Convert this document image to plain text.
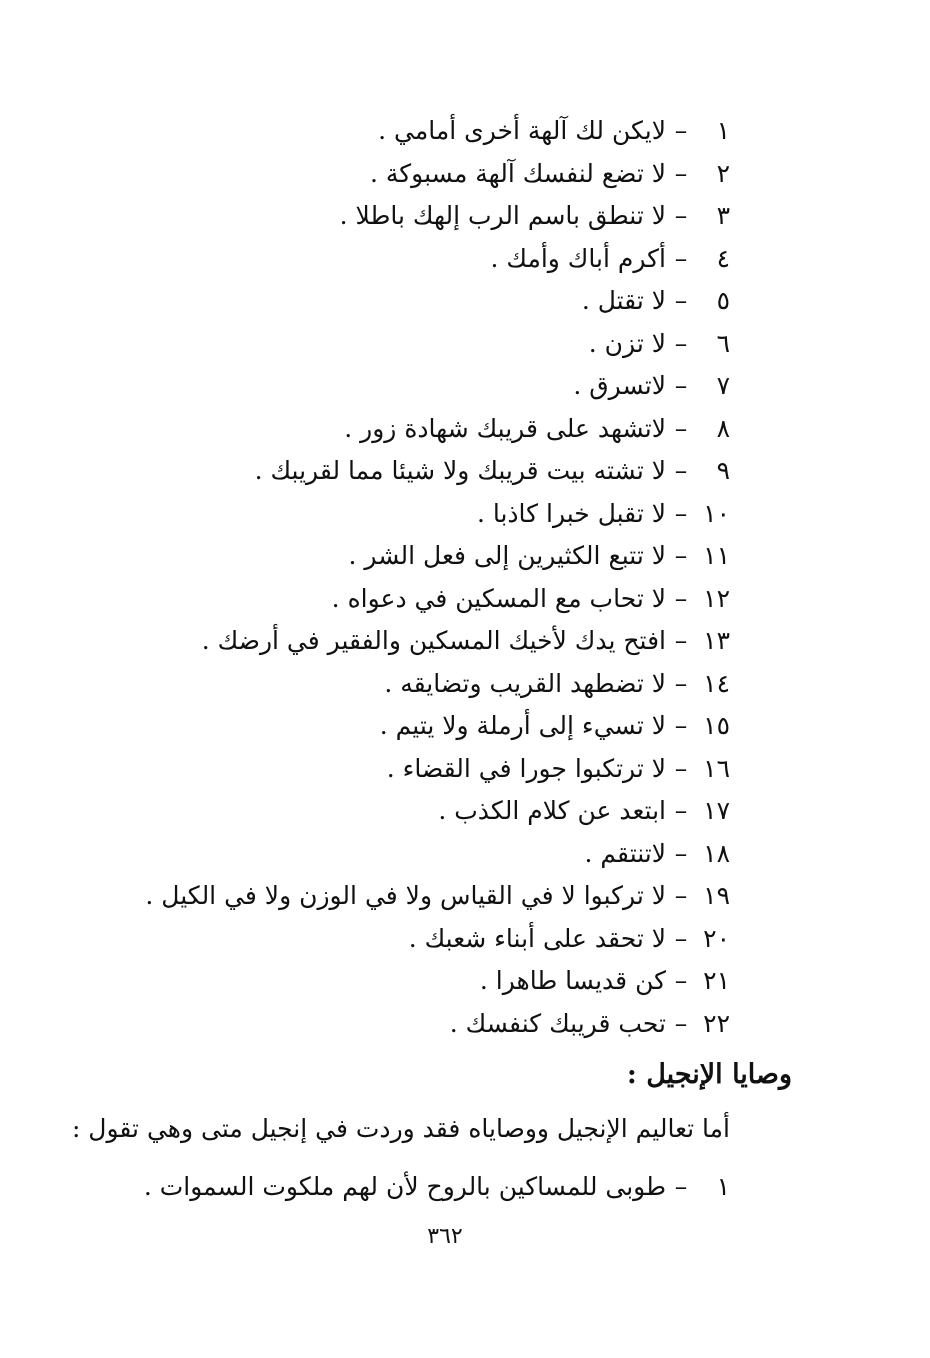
١
–
لايكن لك آلهة أخرى أمامي .
٢
–
لا تضع لنفسك آلهة مسبوكة .
٣
–
لا تنطق باسم الرب إلهك باطلا .
٤
–
أكرم أباك وأمك .
٥
–
لا تقتل .
٦
–
لا تزن .
٧
–
لاتسرق .
٨
–
لاتشهد على قريبك شهادة زور .
٩
–
لا تشته بيت قريبك ولا شيئا مما لقريبك .
١٠
–
لا تقبل خبرا كاذبا .
١١
–
لا تتبع الكثيرين إلى فعل الشر .
١٢
–
لا تحاب مع المسكين في دعواه .
١٣
–
افتح يدك لأخيك المسكين والفقير في أرضك .
١٤
–
لا تضطهد القريب وتضايقه .
١٥
–
لا تسيء إلى أرملة ولا يتيم .
١٦
–
لا ترتكبوا جورا في القضاء .
١٧
–
ابتعد عن كلام الكذب .
١٨
–
لاتنتقم .
١٩
–
لا تركبوا لا في القياس ولا في الوزن ولا في الكيل .
٢٠
–
لا تحقد على أبناء شعبك .
٢١
–
كن قديسا طاهرا .
٢٢
–
تحب قريبك كنفسك .
وصايا الإنجيل :
أما تعاليم الإنجيل ووصاياه فقد وردت في إنجيل متى وهي تقول :
١
–
طوبى للمساكين بالروح لأن لهم ملكوت السموات .
٣٦٢
